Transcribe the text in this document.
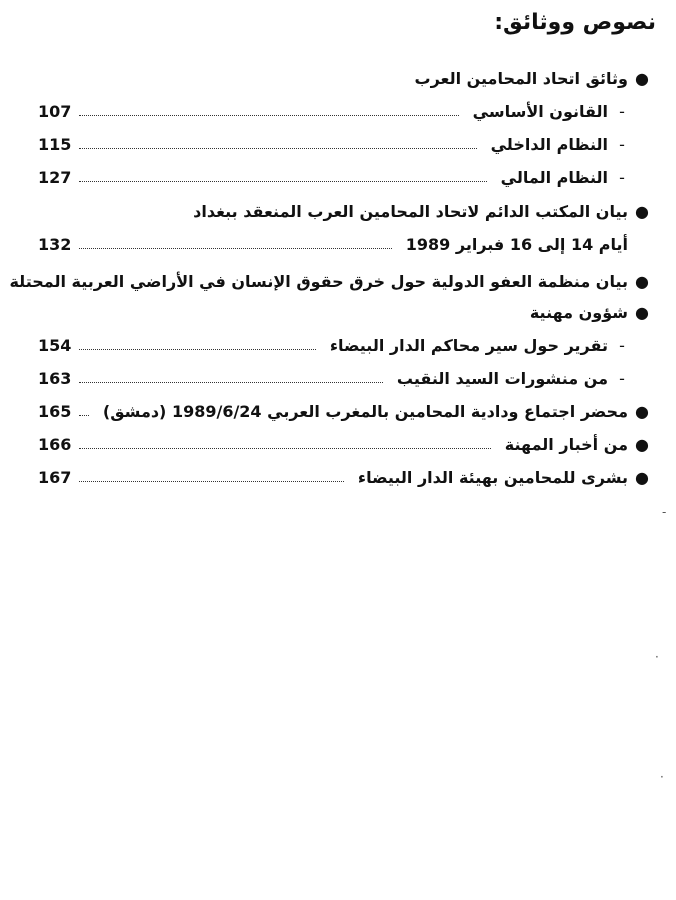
نصوص ووثائق:
●
وثائق اتحاد المحامين العرب
-
القانون الأساسي
107
-
النظام الداخلي
115
-
النظام المالي
127
●
بيان المكتب الدائم لاتحاد المحامين العرب المنعقد ببغداد
أيام 14 إلى 16 فبراير 1989
132
●
بيان منظمة العفو الدولية حول خرق حقوق الإنسان في الأراضي العربية المحتلة
●
شؤون مهنية
-
تقرير حول سير محاكم الدار البيضاء
154
-
من منشورات السيد النقيب
163
●
محضر اجتماع ودادية المحامين بالمغرب العربي 1989/6/24 (دمشق)
165
●
من أخبار المهنة
166
●
بشرى للمحامين بهيئة الدار البيضاء
167
‐
·
·
